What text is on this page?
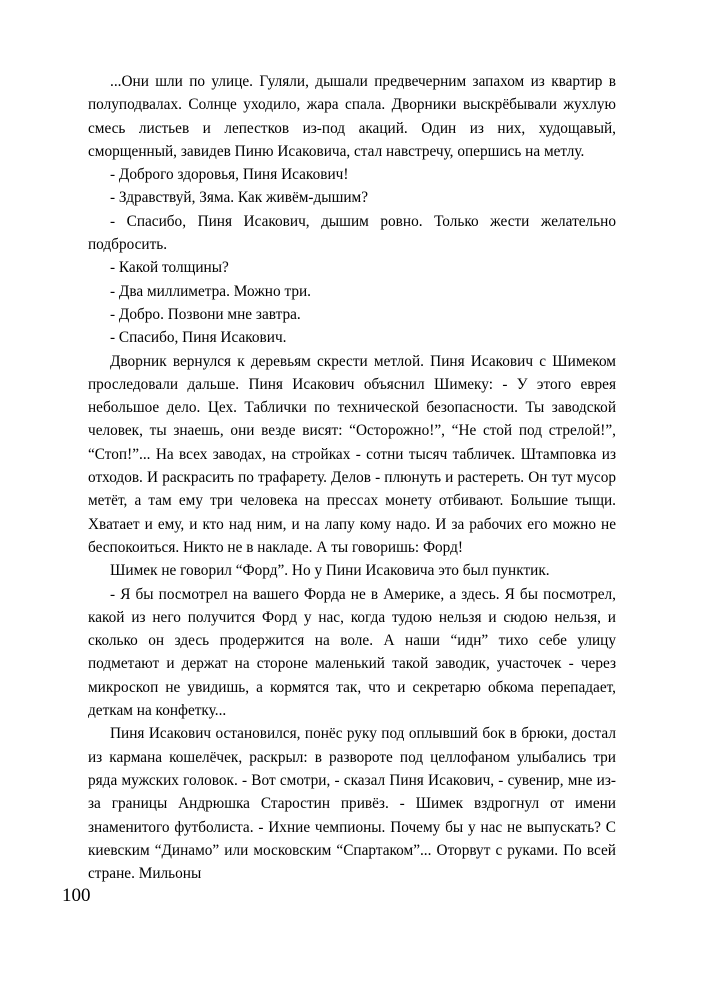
...Они шли по улице. Гуляли, дышали предвечерним запахом из квартир в полуподвалах. Солнце уходило, жара спала. Дворники выскрёбывали жухлую смесь листьев и лепестков из-под акаций. Один из них, худощавый, сморщенный, завидев Пиню Исаковича, стал навстречу, опершись на метлу.

- Доброго здоровья, Пиня Исакович!

- Здравствуй, Зяма. Как живём-дышим?

- Спасибо, Пиня Исакович, дышим ровно. Только жести желательно подбросить.

- Какой толщины?

- Два миллиметра. Можно три.

- Добро. Позвони мне завтра.

- Спасибо, Пиня Исакович.

Дворник вернулся к деревьям скрести метлой. Пиня Исакович с Шимеком проследовали дальше. Пиня Исакович объяснил Шимеку: - У этого еврея небольшое дело. Цех. Таблички по технической безопасности. Ты заводской человек, ты знаешь, они везде висят: “Осторожно!”, “Не стой под стрелой!”, “Стоп!”... На всех заводах, на стройках - сотни тысяч табличек. Штамповка из отходов. И раскрасить по трафарету. Делов - плюнуть и растереть. Он тут мусор метёт, а там ему три человека на прессах монету отбивают. Большие тыщи. Хватает и ему, и кто над ним, и на лапу кому надо. И за рабочих его можно не беспокоиться. Никто не в накладе. А ты говоришь: Форд!

Шимек не говорил “Форд”. Но у Пини Исаковича это был пунктик.

- Я бы посмотрел на вашего Форда не в Америке, а здесь. Я бы посмотрел, какой из него получится Форд у нас, когда тудою нельзя и сюдою нельзя, и сколько он здесь продержится на воле. А наши “идн” тихо себе улицу подметают и держат на стороне маленький такой заводик, участочек - через микроскоп не увидишь, а кормятся так, что и секретарю обкома перепадает, деткам на конфетку...

Пиня Исакович остановился, понёс руку под оплывший бок в брюки, достал из кармана кошелёчек, раскрыл: в развороте под целлофаном улыбались три ряда мужских головок. - Вот смотри, - сказал Пиня Исакович, - сувенир, мне из-за границы Андрюшка Старостин привёз. - Шимек вздрогнул от имени знаменитого футболиста. - Ихние чемпионы. Почему бы у нас не выпускать? С киевским “Динамо” или московским “Спартаком”... Оторвут с руками. По всей стране. Мильоны

100
